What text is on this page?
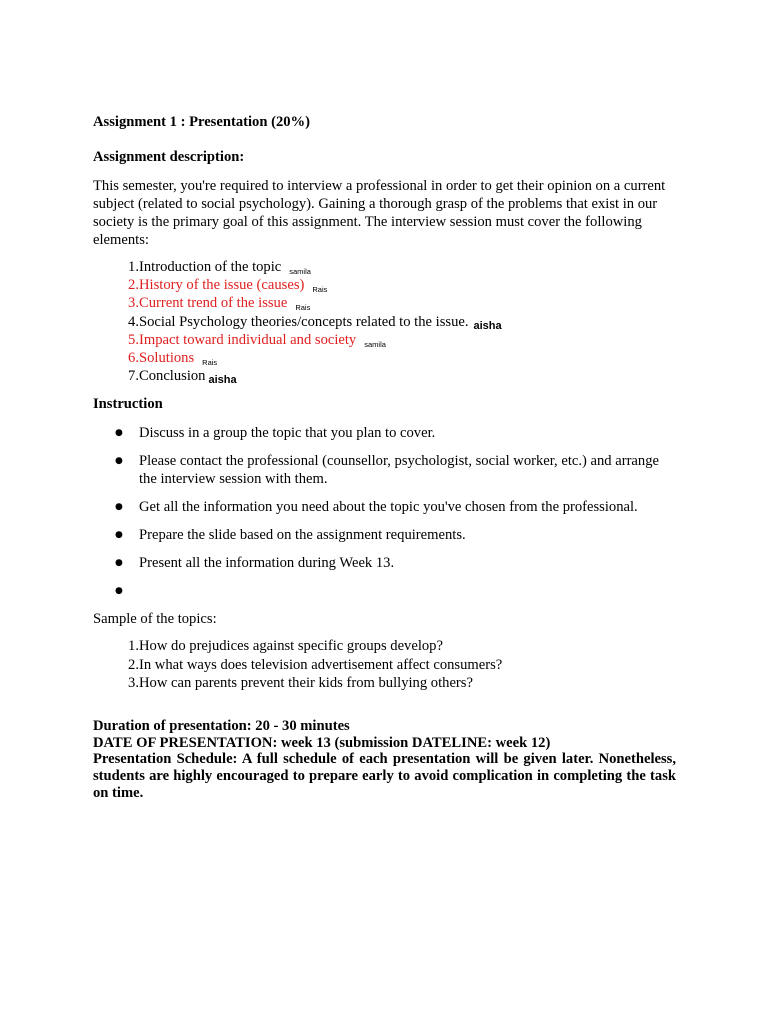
Assignment 1 : Presentation (20%)

Assignment description:

This semester, you're required to interview a professional in order to get their opinion on a current subject (related to social psychology). Gaining a thorough grasp of the problems that exist in our society is the primary goal of this assignment. The interview session must cover the following elements:

1. Introduction of the topic samila
2. History of the issue (causes) Rais
3. Current trend of the issue Rais
4. Social Psychology theories/concepts related to the issue. aisha
5. Impact toward individual and society samila
6. Solutions Rais
7. Conclusion aisha

Instruction

●	Discuss in a group the topic that you plan to cover.
●	Please contact the professional (counsellor, psychologist, social worker, etc.) and arrange the interview session with them.
●	Get all the information you need about the topic you've chosen from the professional.
●	Prepare the slide based on the assignment requirements.
●	Present all the information during Week 13.
●

Sample of the topics:

1. How do prejudices against specific groups develop?
2. In what ways does television advertisement affect consumers?
3. How can parents prevent their kids from bullying others?

Duration of presentation: 20 - 30 minutes

DATE OF PRESENTATION: week 13 (submission DATELINE: week 12)

Presentation Schedule: A full schedule of each presentation will be given later. Nonetheless, students are highly encouraged to prepare early to avoid complication in completing the task on time.
